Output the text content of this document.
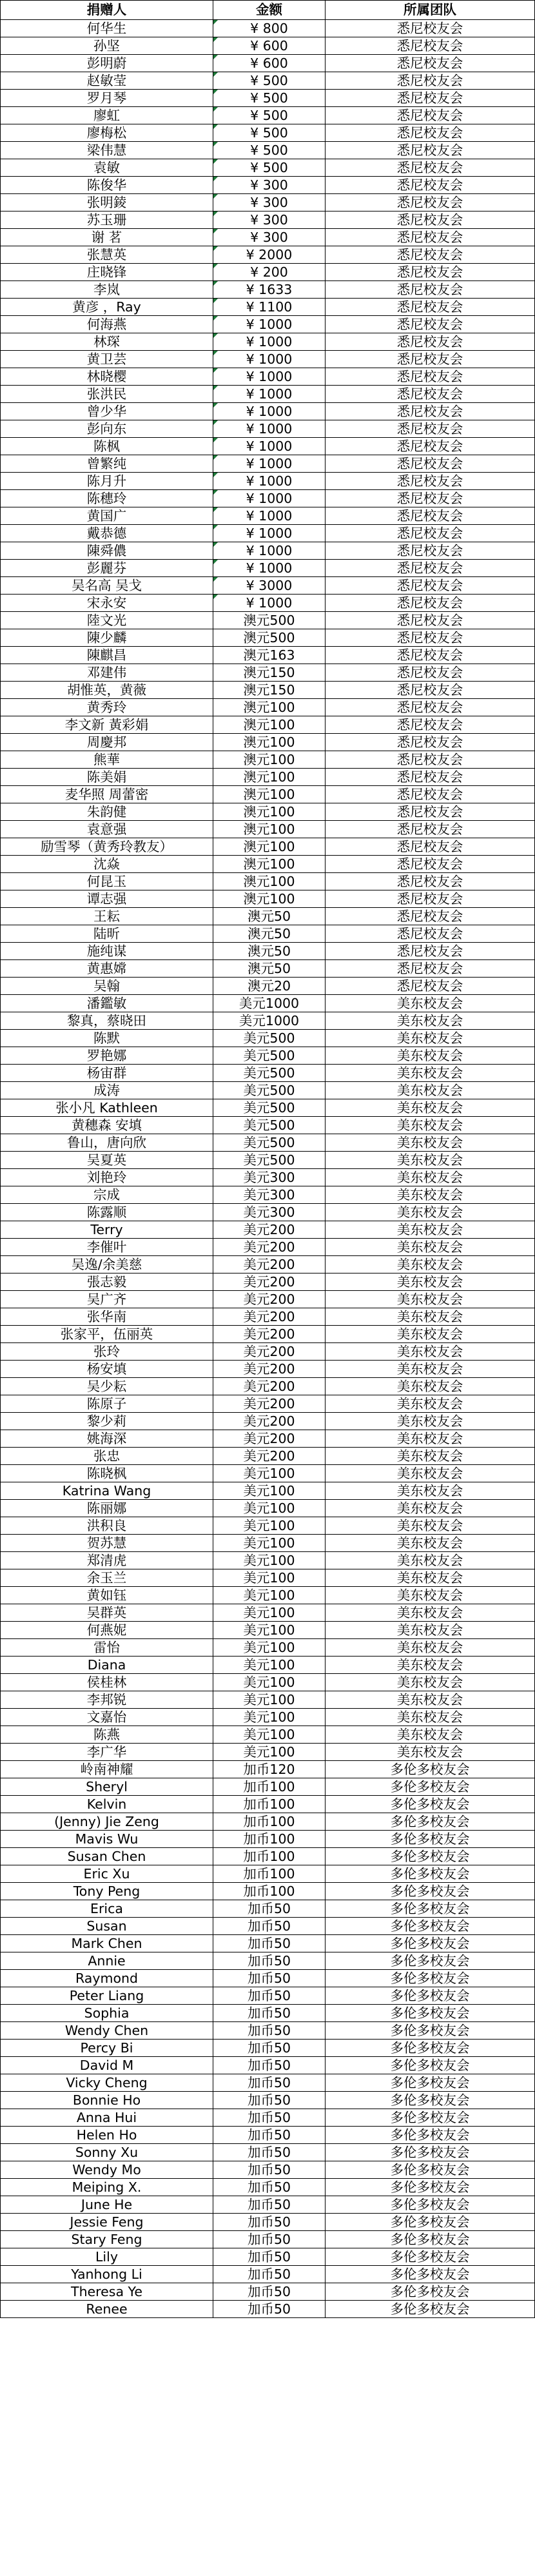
捐赠人	金额	所属团队
何华生	¥ 800	悉尼校友会
孙坚	¥ 600	悉尼校友会
彭明蔚	¥ 600	悉尼校友会
赵敏莹	¥ 500	悉尼校友会
罗月琴	¥ 500	悉尼校友会
廖虹	¥ 500	悉尼校友会
廖梅松	¥ 500	悉尼校友会
梁伟慧	¥ 500	悉尼校友会
袁敏	¥ 500	悉尼校友会
陈俊华	¥ 300	悉尼校友会
张明錂	¥ 300	悉尼校友会
苏玉珊	¥ 300	悉尼校友会
谢 茗	¥ 300	悉尼校友会
张慧英	¥ 2000	悉尼校友会
庄晓锋	¥ 200	悉尼校友会
李岚	¥ 1633	悉尼校友会
黄彦 ，Ray	¥ 1100	悉尼校友会
何海燕	¥ 1000	悉尼校友会
林琛	¥ 1000	悉尼校友会
黄卫芸	¥ 1000	悉尼校友会
林晓樱	¥ 1000	悉尼校友会
张洪民	¥ 1000	悉尼校友会
曾少华	¥ 1000	悉尼校友会
彭向东	¥ 1000	悉尼校友会
陈枫	¥ 1000	悉尼校友会
曾繁纯	¥ 1000	悉尼校友会
陈月升	¥ 1000	悉尼校友会
陈穗玲	¥ 1000	悉尼校友会
黄国广	¥ 1000	悉尼校友会
戴恭德	¥ 1000	悉尼校友会
陳舜儂	¥ 1000	悉尼校友会
彭麗芬	¥ 1000	悉尼校友会
吴名高 吴戈	¥ 3000	悉尼校友会
宋永安	¥ 1000	悉尼校友会
陸文光	澳元500	悉尼校友会
陳少麟	澳元500	悉尼校友会
陳麒昌	澳元163	悉尼校友会
邓建伟	澳元150	悉尼校友会
胡惟英，黄薇	澳元150	悉尼校友会
黄秀玲	澳元100	悉尼校友会
李文新 黃彩娟	澳元100	悉尼校友会
周慶邦	澳元100	悉尼校友会
熊華	澳元100	悉尼校友会
陈美娟	澳元100	悉尼校友会
麦华照 周蕾密	澳元100	悉尼校友会
朱韵健	澳元100	悉尼校友会
袁意强	澳元100	悉尼校友会
励雪琴（黄秀玲教友）	澳元100	悉尼校友会
沈焱	澳元100	悉尼校友会
何昆玉	澳元100	悉尼校友会
谭志强	澳元100	悉尼校友会
王耘	澳元50	悉尼校友会
陆昕	澳元50	悉尼校友会
施纯谋	澳元50	悉尼校友会
黄惠嫦	澳元50	悉尼校友会
吴翰	澳元20	悉尼校友会
潘鑑敏	美元1000	美东校友会
黎真，蔡晓田	美元1000	美东校友会
陈默	美元500	美东校友会
罗艳娜	美元500	美东校友会
杨宙群	美元500	美东校友会
成涛	美元500	美东校友会
张小凡 Kathleen	美元500	美东校友会
黄穗森 安填	美元500	美东校友会
鲁山，唐向欣	美元500	美东校友会
吴夏英	美元500	美东校友会
刘艳玲	美元300	美东校友会
宗成	美元300	美东校友会
陈露顺	美元300	美东校友会
Terry	美元200	美东校友会
李催叶	美元200	美东校友会
吴逸/余美慈	美元200	美东校友会
張志毅	美元200	美东校友会
吴广齐	美元200	美东校友会
张华南	美元200	美东校友会
张家平，伍丽英	美元200	美东校友会
张玲	美元200	美东校友会
杨安填	美元200	美东校友会
吴少耘	美元200	美东校友会
陈原子	美元200	美东校友会
黎少莉	美元200	美东校友会
姚海深	美元200	美东校友会
张忠	美元200	美东校友会
陈晓枫	美元100	美东校友会
Katrina Wang	美元100	美东校友会
陈丽娜	美元100	美东校友会
洪积良	美元100	美东校友会
贺苏慧	美元100	美东校友会
郑清虎	美元100	美东校友会
余玉兰	美元100	美东校友会
黄如钰	美元100	美东校友会
吴群英	美元100	美东校友会
何燕妮	美元100	美东校友会
雷怡	美元100	美东校友会
Diana	美元100	美东校友会
侯桂林	美元100	美东校友会
李邦锐	美元100	美东校友会
文嘉怡	美元100	美东校友会
陈燕	美元100	美东校友会
李广华	美元100	美东校友会
岭南神耀	加币120	多伦多校友会
Sheryl	加币100	多伦多校友会
Kelvin	加币100	多伦多校友会
(Jenny) Jie Zeng	加币100	多伦多校友会
Mavis Wu	加币100	多伦多校友会
Susan Chen	加币100	多伦多校友会
Eric Xu	加币100	多伦多校友会
Tony Peng	加币100	多伦多校友会
Erica	加币50	多伦多校友会
Susan	加币50	多伦多校友会
Mark Chen	加币50	多伦多校友会
Annie	加币50	多伦多校友会
Raymond	加币50	多伦多校友会
Peter Liang	加币50	多伦多校友会
Sophia	加币50	多伦多校友会
Wendy Chen	加币50	多伦多校友会
Percy Bi	加币50	多伦多校友会
David M	加币50	多伦多校友会
Vicky Cheng	加币50	多伦多校友会
Bonnie Ho	加币50	多伦多校友会
Anna Hui	加币50	多伦多校友会
Helen Ho	加币50	多伦多校友会
Sonny Xu	加币50	多伦多校友会
Wendy Mo	加币50	多伦多校友会
Meiping X.	加币50	多伦多校友会
June He	加币50	多伦多校友会
Jessie Feng	加币50	多伦多校友会
Stary Feng	加币50	多伦多校友会
Lily	加币50	多伦多校友会
Yanhong Li	加币50	多伦多校友会
Theresa Ye	加币50	多伦多校友会
Renee	加币50	多伦多校友会
